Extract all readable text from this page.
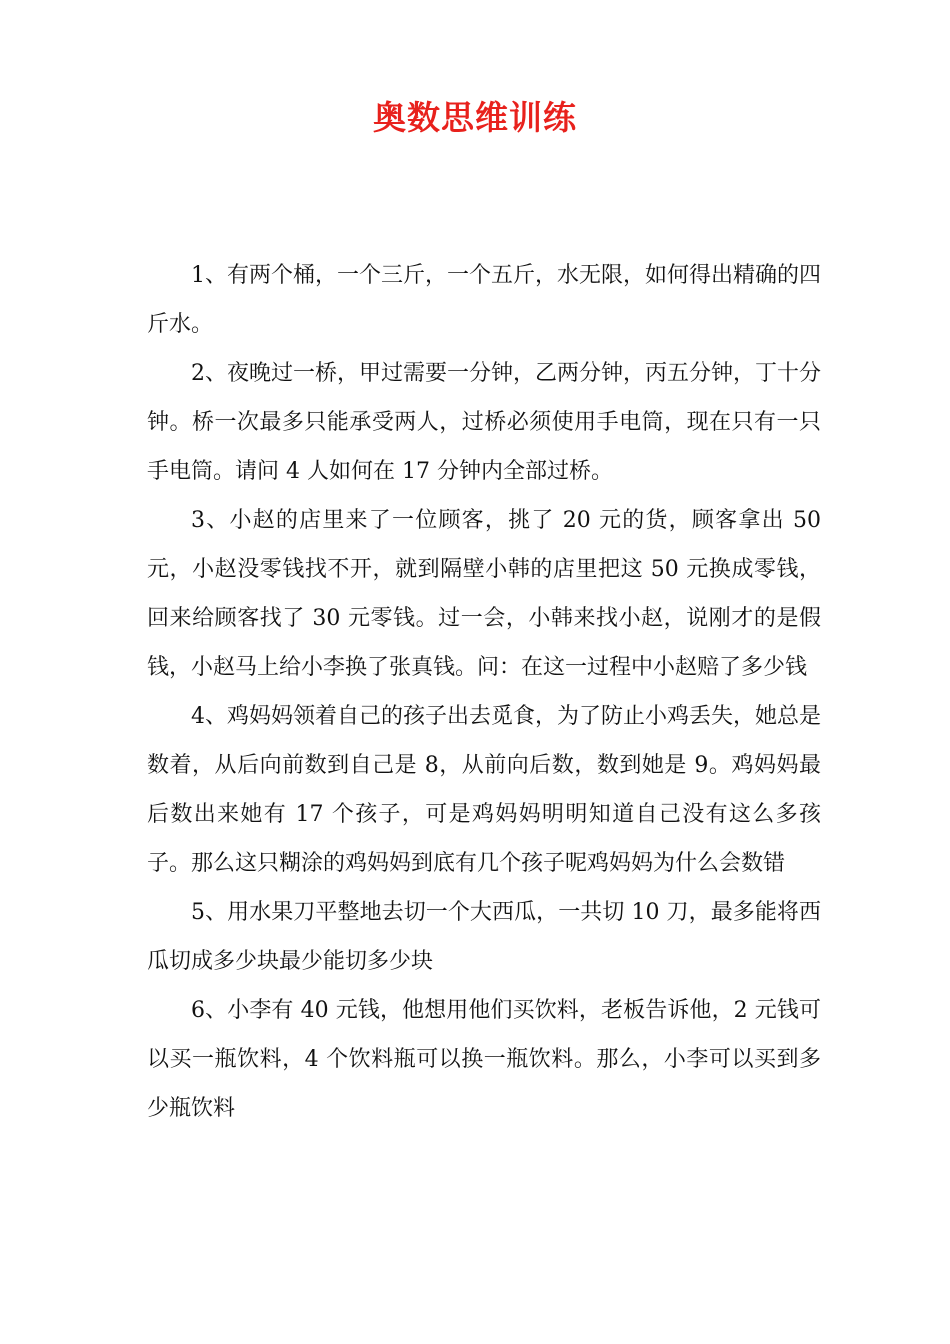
奥数思维训练

1、有两个桶，一个三斤，一个五斤，水无限，如何得出精确的四斤水。

2、夜晚过一桥，甲过需要一分钟，乙两分钟，丙五分钟，丁十分钟。桥一次最多只能承受两人，过桥必须使用手电筒，现在只有一只手电筒。请问 4 人如何在 17 分钟内全部过桥。

3、小赵的店里来了一位顾客，挑了 20 元的货，顾客拿出 50 元，小赵没零钱找不开，就到隔壁小韩的店里把这 50 元换成零钱，回来给顾客找了 30 元零钱。过一会，小韩来找小赵，说刚才的是假钱，小赵马上给小李换了张真钱。问：在这一过程中小赵赔了多少钱

4、鸡妈妈领着自己的孩子出去觅食，为了防止小鸡丢失，她总是数着，从后向前数到自己是 8，从前向后数，数到她是 9。鸡妈妈最后数出来她有 17 个孩子，可是鸡妈妈明明知道自己没有这么多孩子。那么这只糊涂的鸡妈妈到底有几个孩子呢鸡妈妈为什么会数错

5、用水果刀平整地去切一个大西瓜，一共切 10 刀，最多能将西瓜切成多少块最少能切多少块

6、小李有 40 元钱，他想用他们买饮料，老板告诉他，2 元钱可以买一瓶饮料，4 个饮料瓶可以换一瓶饮料。那么，小李可以买到多少瓶饮料
